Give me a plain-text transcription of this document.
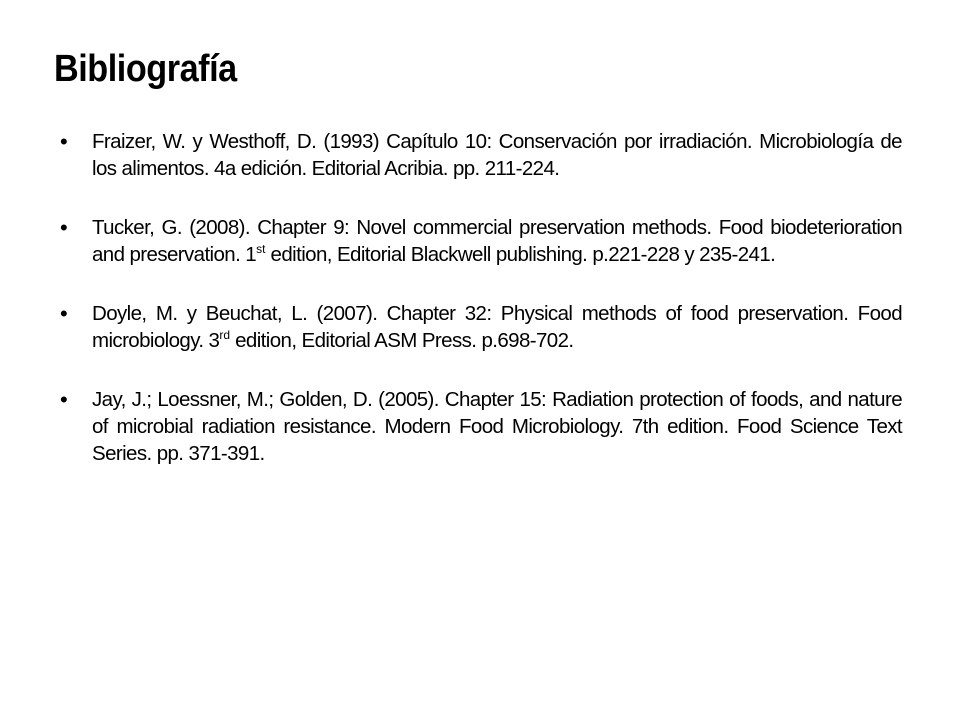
Bibliografía
• Fraizer, W. y Westhoff, D. (1993) Capítulo 10: Conservación por irradiación. Microbiología de los alimentos. 4a edición. Editorial Acribia. pp. 211-224.
• Tucker, G. (2008). Chapter 9: Novel commercial preservation methods. Food biodeterioration and preservation. 1st edition, Editorial Blackwell publishing. p.221-228 y 235-241.
• Doyle, M. y Beuchat, L. (2007). Chapter 32: Physical methods of food preservation. Food microbiology. 3rd edition, Editorial ASM Press. p.698-702.
• Jay, J.; Loessner, M.; Golden, D. (2005). Chapter 15: Radiation protection of foods, and nature of microbial radiation resistance. Modern Food Microbiology. 7th edition. Food Science Text Series. pp. 371-391.
